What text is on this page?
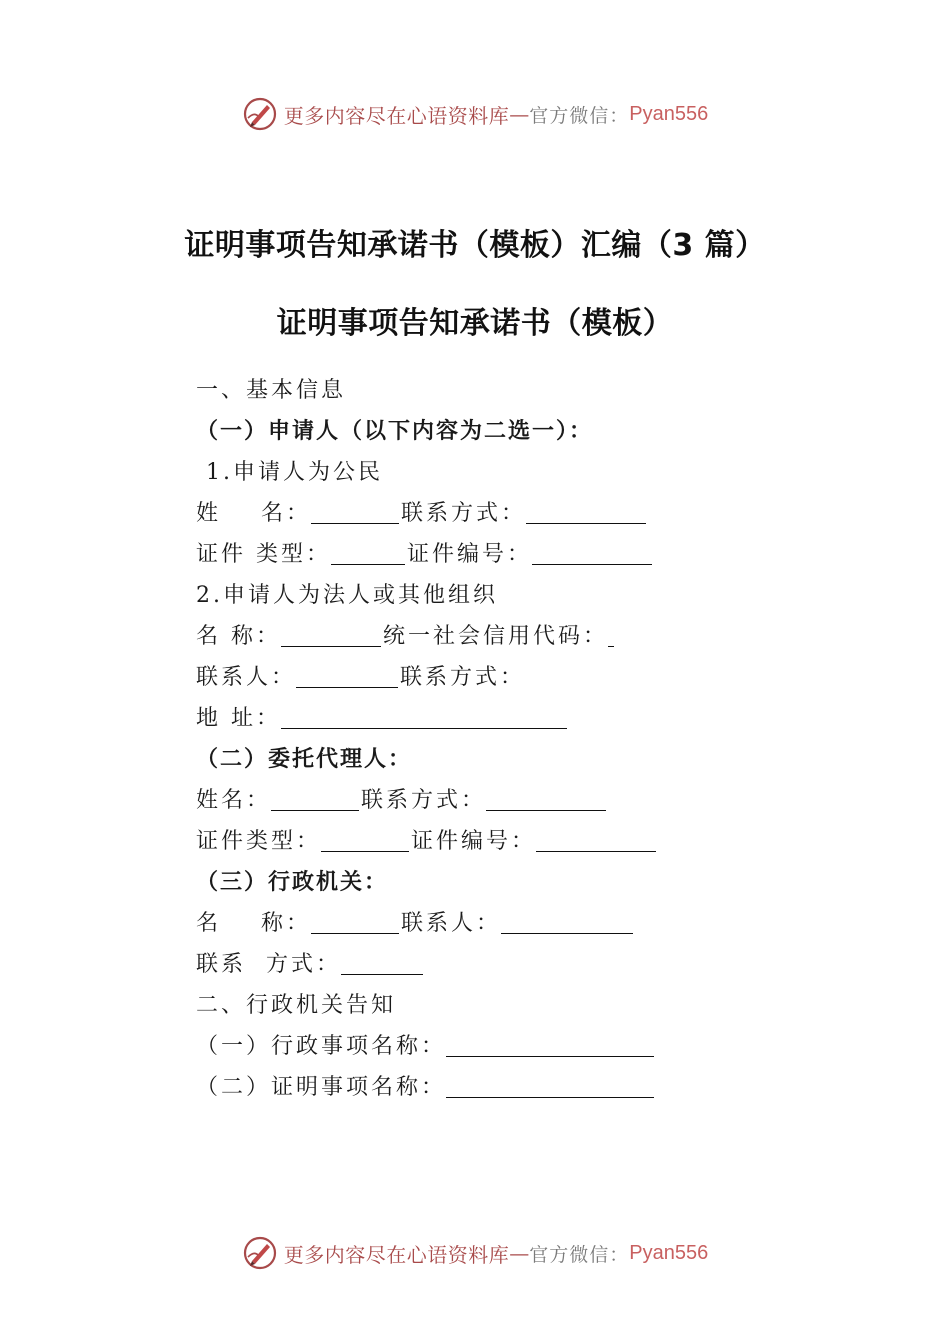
更多内容尽在心语资料库 — 官方微信： Pyan556
证明事项告知承诺书（模板）汇编（3 篇）
证明事项告知承诺书（模板）
一、基本信息
（一）申请人（以下内容为二选一）：
1.申请人为公民
姓    名：	联系方式：
证件 类型：	证件编号：
2.申请人为法人或其他组织
名 称：	统一社会信用代码：
联系人：	联系方式：
地 址：
（二）委托代理人：
姓名：	联系方式：
证件类型：	证件编号：
（三）行政机关：
名    称：	联系人：
联系  方式：
二、行政机关告知
（一）行政事项名称：
（二）证明事项名称：
更多内容尽在心语资料库 — 官方微信： Pyan556
